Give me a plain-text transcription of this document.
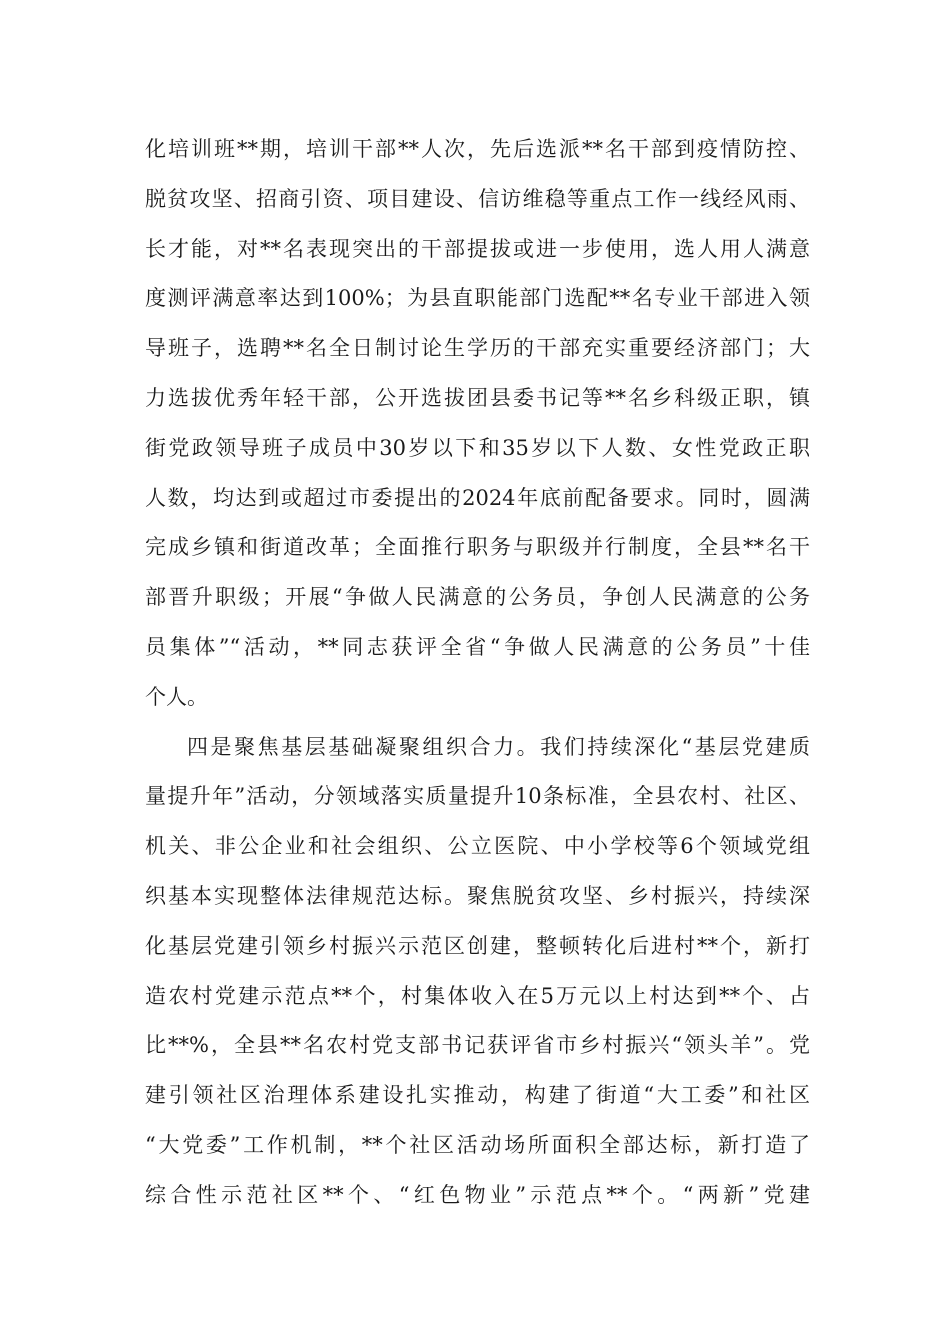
化培训班**期，培训干部**人次，先后选派**名干部到疫情防控、
脱贫攻坚、招商引资、项目建设、信访维稳等重点工作一线经风雨、
长才能，对**名表现突出的干部提拔或进一步使用，选人用人满意
度测评满意率达到100%；为县直职能部门选配**名专业干部进入领
导班子，选聘**名全日制讨论生学历的干部充实重要经济部门；大
力选拔优秀年轻干部，公开选拔团县委书记等**名乡科级正职，镇
街党政领导班子成员中30岁以下和35岁以下人数、女性党政正职
人数，均达到或超过市委提出的2024年底前配备要求。同时，圆满
完成乡镇和街道改革；全面推行职务与职级并行制度，全县**名干
部晋升职级；开展“争做人民满意的公务员，争创人民满意的公务
员集体”“活动，**同志获评全省“争做人民满意的公务员”十佳
个人。
四是聚焦基层基础凝聚组织合力。我们持续深化“基层党建质
量提升年”活动，分领域落实质量提升10条标准，全县农村、社区、
机关、非公企业和社会组织、公立医院、中小学校等6个领域党组
织基本实现整体法律规范达标。聚焦脱贫攻坚、乡村振兴，持续深
化基层党建引领乡村振兴示范区创建，整顿转化后进村**个，新打
造农村党建示范点**个，村集体收入在5万元以上村达到**个、占
比**%，全县**名农村党支部书记获评省市乡村振兴“领头羊”。党
建引领社区治理体系建设扎实推动，构建了街道“大工委”和社区
“大党委”工作机制，**个社区活动场所面积全部达标，新打造了
综合性示范社区**个、“红色物业”示范点**个。“两新”党建
